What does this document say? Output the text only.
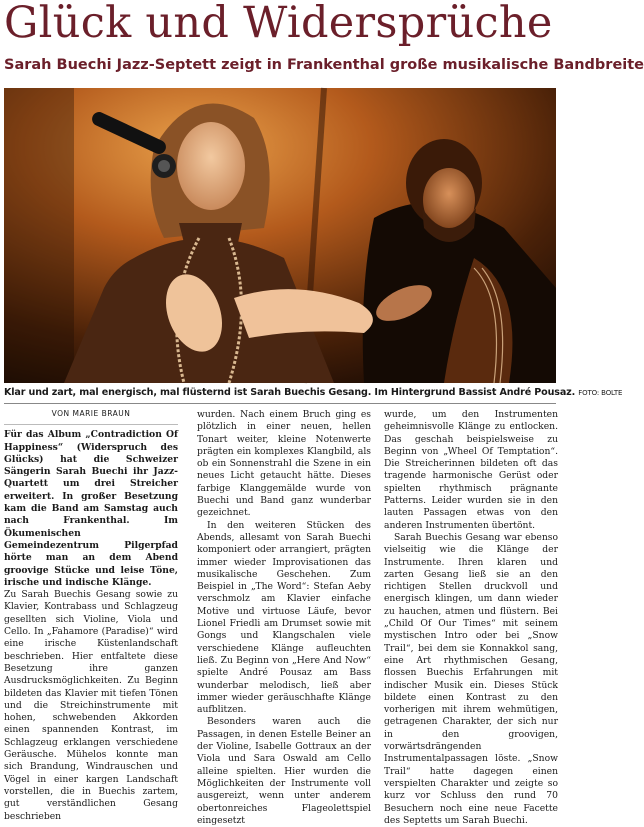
Glück und Widersprüche
Sarah Buechi Jazz-Septett zeigt in Frankenthal große musikalische Bandbreite
Klar und zart, mal energisch, mal flüsternd ist Sarah Buechis Gesang. Im Hintergrund Bassist André Pousaz. FOTO: BOLTE
VON MARIE BRAUN

Für das Album „Contradiction Of Happiness“ (Widerspruch des Glücks) hat die Schweizer Sängerin Sarah Buechi ihr Jazz-Quartett um drei Streicher erweitert. In großer Besetzung kam die Band am Samstag auch nach Frankenthal. Im Ökumenischen Gemeindezentrum Pilgerpfad hörte man an dem Abend groovige Stücke und leise Töne, irische und indische Klänge.

Zu Sarah Buechis Gesang sowie zu Klavier, Kontrabass und Schlagzeug gesellten sich Violine, Viola und Cello. In „Fahamore (Paradise)“ wird eine irische Küstenlandschaft beschrieben. Hier entfaltete diese Besetzung ihre ganzen Ausdrucksmöglichkeiten. Zu Beginn bildeten das Klavier mit tiefen Tönen und die Streichinstrumente mit hohen, schwebenden Akkorden einen spannenden Kontrast, im Schlagzeug erklangen verschiedene Geräusche. Mühelos konnte man sich Brandung, Windrauschen und Vögel in einer kargen Landschaft vorstellen, die in Buechis zartem, gut verständlichen Gesang beschrieben

wurden. Nach einem Bruch ging es plötzlich in einer neuen, hellen Tonart weiter, kleine Notenwerte prägten ein komplexes Klangbild, als ob ein Sonnenstrahl die Szene in ein neues Licht getaucht hätte. Dieses farbige Klanggemälde wurde von Buechi und Band ganz wunderbar gezeichnet.

In den weiteren Stücken des Abends, allesamt von Sarah Buechi komponiert oder arrangiert, prägten immer wieder Improvisationen das musikalische Geschehen. Zum Beispiel in „The Word“: Stefan Aeby verschmolz am Klavier einfache Motive und virtuose Läufe, bevor Lionel Friedli am Drumset sowie mit Gongs und Klangschalen viele verschiedene Klänge aufleuchten ließ. Zu Beginn von „Here And Now“ spielte André Pousaz am Bass wunderbar melodisch, ließ aber immer wieder geräuschhafte Klänge aufblitzen.

Besonders waren auch die Passagen, in denen Estelle Beiner an der Violine, Isabelle Gottraux an der Viola und Sara Oswald am Cello alleine spielten. Hier wurden die Möglichkeiten der Instrumente voll ausgereizt, wenn unter anderem obertonreiches Flageolettspiel eingesetzt

wurde, um den Instrumenten geheimnisvolle Klänge zu entlocken. Das geschah beispielsweise zu Beginn von „Wheel Of Temptation“. Die Streicherinnen bildeten oft das tragende harmonische Gerüst oder spielten rhythmisch prägnante Patterns. Leider wurden sie in den lauten Passagen etwas von den anderen Instrumenten übertönt.

Sarah Buechis Gesang war ebenso vielseitig wie die Klänge der Instrumente. Ihren klaren und zarten Gesang ließ sie an den richtigen Stellen druckvoll und energisch klingen, um dann wieder zu hauchen, atmen und flüstern. Bei „Child Of Our Times“ mit seinem mystischen Intro oder bei „Snow Trail“, bei dem sie Konnakkol sang, eine Art rhythmischen Gesang, flossen Buechis Erfahrungen mit indischer Musik ein. Dieses Stück bildete einen Kontrast zu den vorherigen mit ihrem wehmütigen, getragenen Charakter, der sich nur in den groovigen, vorwärtsdrängenden Instrumentalpassagen löste. „Snow Trail“ hatte dagegen einen verspielten Charakter und zeigte so kurz vor Schluss den rund 70 Besuchern noch eine neue Facette des Septetts um Sarah Buechi.
